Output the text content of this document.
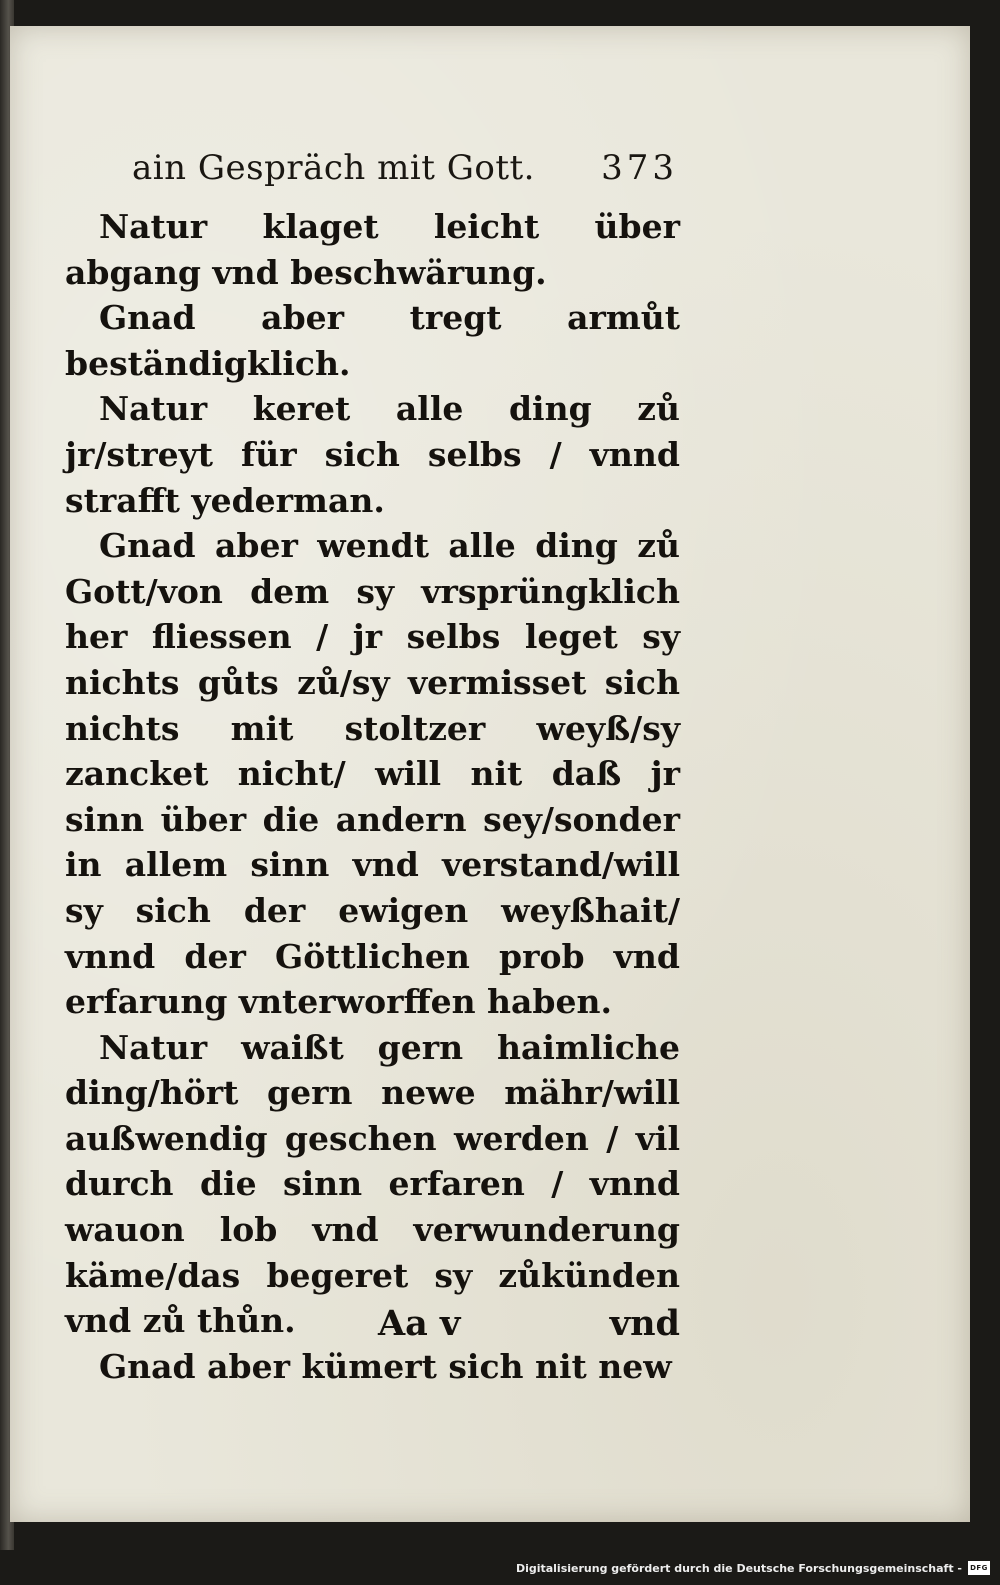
ain Gespräch mit Gott. 373

Natur klaget leicht über abgang vnd beschwärung.

Gnad aber tregt armůt beständigklich.

Natur keret alle ding zů jr/streyt für sich selbs / vnnd strafft yederman.

Gnad aber wendt alle ding zů Gott/von dem sy vrsprüngklich her fliessen / jr selbs leget sy nichts gůts zů/sy vermisset sich nichts mit stoltzer weyß/sy zancket nicht/ will nit daß jr sinn über die andern sey/sonder in allem sinn vnd verstand/will sy sich der ewigen weyßhait/ vnnd der Göttlichen prob vnd erfarung vnterworffen haben.

Natur waißt gern haimliche ding/hört gern newe mähr/will außwendig geschen werden / vil durch die sinn erfaren / vnnd wauon lob vnd verwunderung käme/das begeret sy zůkünden vnd zů thůn.

Gnad aber kümert sich nit new

Aa v	vnd
Digitalisierung gefördert durch die Deutsche Forschungsgemeinschaft - DFG
